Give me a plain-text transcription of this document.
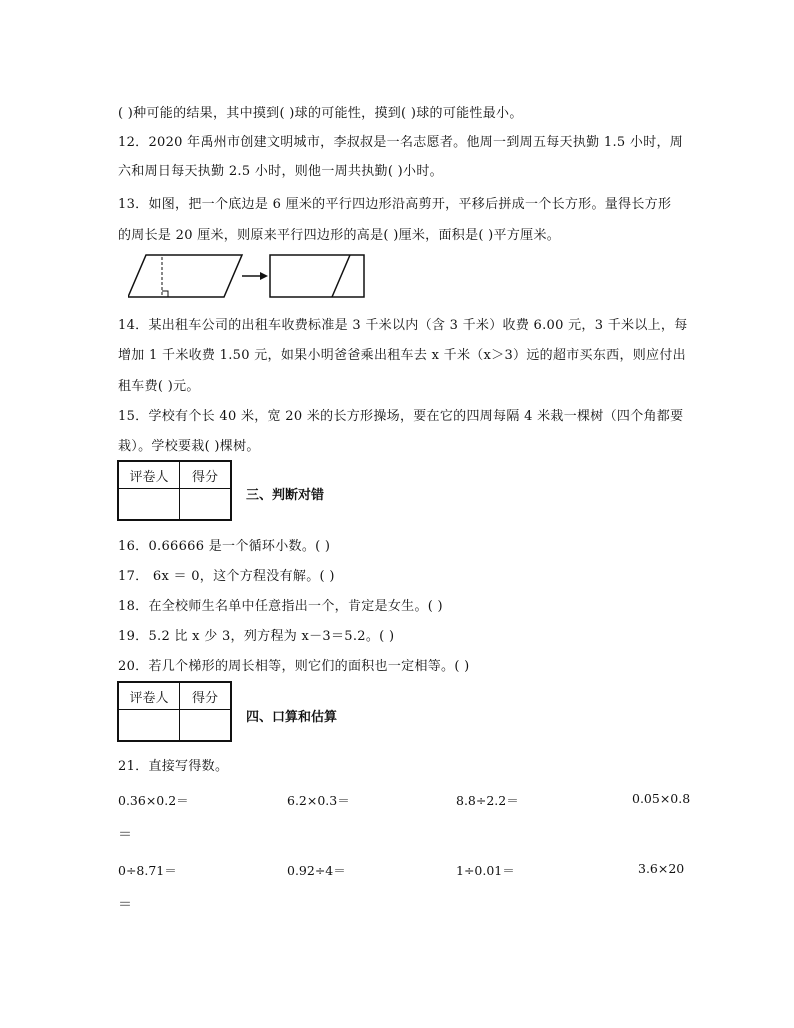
( )种可能的结果，其中摸到( )球的可能性，摸到( )球的可能性最小。
12．2020 年禹州市创建文明城市，李叔叔是一名志愿者。他周一到周五每天执勤 1.5 小时，周
六和周日每天执勤 2.5 小时，则他一周共执勤( )小时。
13．如图，把一个底边是 6 厘米的平行四边形沿高剪开，平移后拼成一个长方形。量得长方形
的周长是 20 厘米，则原来平行四边形的高是( )厘米，面积是( )平方厘米。
14．某出租车公司的出租车收费标准是 3 千米以内（含 3 千米）收费 6.00 元，3 千米以上，每
增加 1 千米收费 1.50 元，如果小明爸爸乘出租车去 x 千米（x＞3）远的超市买东西，则应付出
租车费( )元。
15．学校有个长 40 米，宽 20 米的长方形操场，要在它的四周每隔 4 米栽一棵树（四个角都要
栽）。学校要栽( )棵树。
评卷人	得分

三、判断对错
16．0.66666 是一个循环小数。( )
17． 6x ＝ 0，这个方程没有解。( )
18．在全校师生名单中任意指出一个，肯定是女生。( )
19．5.2 比 x 少 3，列方程为 x－3＝5.2。( )
20．若几个梯形的周长相等，则它们的面积也一定相等。( )
评卷人	得分

四、口算和估算
21．直接写得数。
0.36×0.2＝	6.2×0.3＝	8.8÷2.2＝	0.05×0.8
＝
0÷8.71＝	0.92÷4＝	1÷0.01＝	3.6×20
＝
